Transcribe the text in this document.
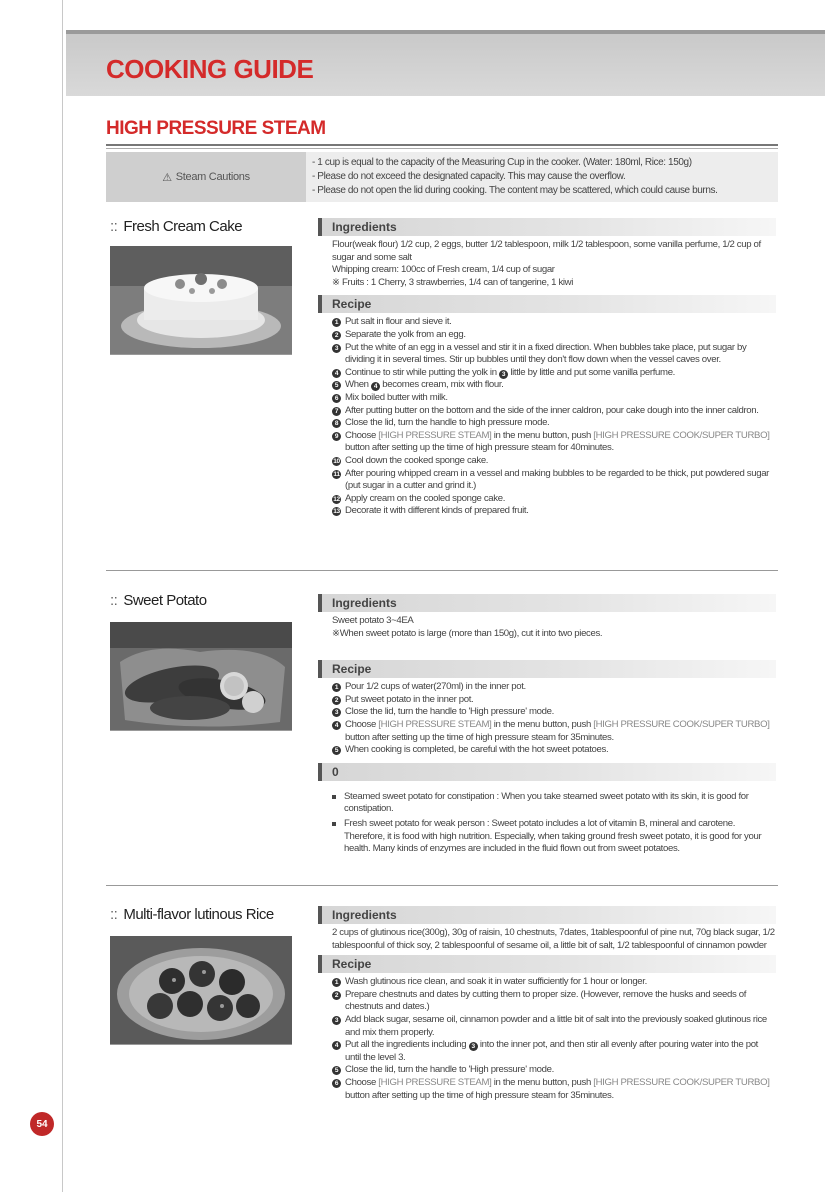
COOKING GUIDE
HIGH PRESSURE STEAM
⚠ Steam Cautions
- 1 cup is equal to the capacity of the Measuring Cup in the cooker. (Water: 180ml, Rice: 150g)
- Please do not exceed the designated capacity. This may cause the overflow.
- Please do not open the lid during cooking. The content may be scattered, which could cause burns.
:: Fresh Cream Cake	Ingredients

Flour(weak flour) 1/2 cup, 2 eggs, butter 1/2 tablespoon, milk 1/2 tablespoon, some vanilla perfume, 1/2 cup of sugar and some salt

Whipping cream: 100cc of Fresh cream, 1/4 cup of sugar

※ Fruits : 1 Cherry, 3 strawberries, 1/4 can of tangerine, 1 kiwi

Recipe
1 Put salt in flour and sieve it.
2 Separate the yolk from an egg.
3 Put the white of an egg in a vessel and stir it in a fixed direction. When bubbles take place, put sugar by dividing it in several times. Stir up bubbles until they don't flow down when the vessel caves over.
4 Continue to stir while putting the yolk in 3 little by little and put some vanilla perfume.
5 When 4 becomes cream, mix with flour.
6 Mix boiled butter with milk.
7 After putting butter on the bottom and the side of the inner caldron, pour cake dough into the inner caldron.
8 Close the lid, turn the handle to high pressure mode.
9 Choose [HIGH PRESSURE STEAM] in the menu button, push [HIGH PRESSURE COOK/SUPER TURBO] button after setting up the time of high pressure steam for 40minutes.
10 Cool down the cooked sponge cake.
11 After pouring whipped cream in a vessel and making bubbles to be regarded to be thick, put powdered sugar (put sugar in a cutter and grind it.)
12 Apply cream on the cooled sponge cake.
13 Decorate it with different kinds of prepared fruit.
:: Sweet Potato	Ingredients

Sweet potato 3~4EA

※When sweet potato is large (more than 150g), cut it into two pieces.

Recipe
1 Pour 1/2 cups of water(270ml) in the inner pot.
2 Put sweet potato in the inner pot.
3 Close the lid, turn the handle to 'High pressure' mode.
4 Choose [HIGH PRESSURE STEAM] in the menu button, push [HIGH PRESSURE COOK/SUPER TURBO] button after setting up the time of high pressure steam for 35minutes.
5 When cooking is completed, be careful with the hot sweet potatoes.
0
Steamed sweet potato for constipation : When you take steamed sweet potato with its skin, it is good for constipation.
Fresh sweet potato for weak person : Sweet potato includes a lot of vitamin B, mineral and carotene. Therefore, it is food with high nutrition. Especially, when taking ground fresh sweet potato, it is good for your health. Many kinds of enzymes are included in the fluid flown out from sweet potatoes.
:: Multi-flavor lutinous Rice	Ingredients

2 cups of glutinous rice(300g), 30g of raisin, 10 chestnuts, 7dates, 1tablespoonful of pine nut, 70g black sugar, 1/2 tablespoonful of thick soy, 2 tablespoonful of sesame oil, a little bit of salt, 1/2 tablespoonful of cinnamon powder

Recipe
1 Wash glutinous rice clean, and soak it in water sufficiently for 1 hour or longer.
2 Prepare chestnuts and dates by cutting them to proper size. (However, remove the husks and seeds of chestnuts and dates.)
3 Add black sugar, sesame oil, cinnamon powder and a little bit of salt into the previously soaked glutinous rice and mix them properly.
4 Put all the ingredients including 3 into the inner pot, and then stir all evenly after pouring water into the pot until the level 3.
5 Close the lid, turn the handle to 'High pressure' mode.
6 Choose [HIGH PRESSURE STEAM] in the menu button, push [HIGH PRESSURE COOK/SUPER TURBO] button after setting up the time of high pressure steam for 35minutes.
54
